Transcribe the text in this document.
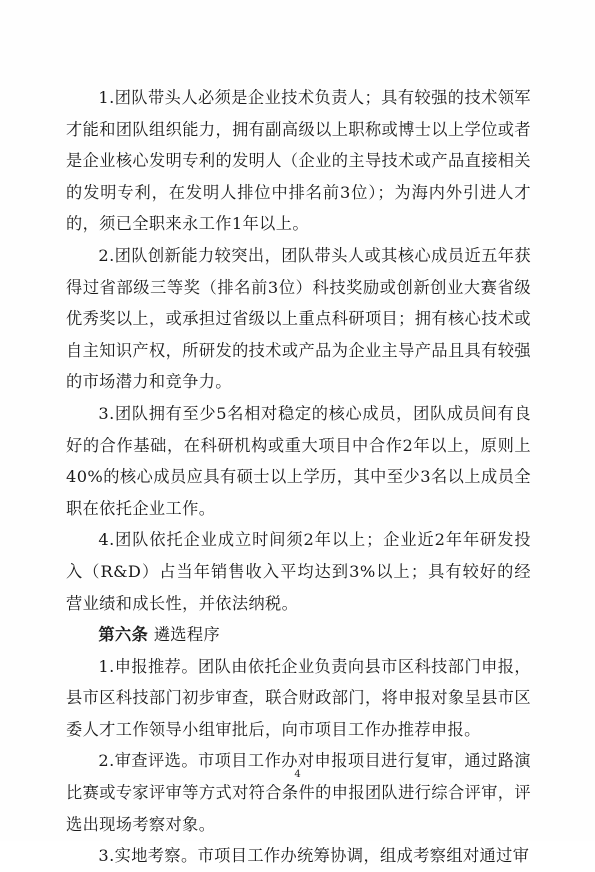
1.团队带头人必须是企业技术负责人；具有较强的技术领军才能和团队组织能力，拥有副高级以上职称或博士以上学位或者是企业核心发明专利的发明人（企业的主导技术或产品直接相关的发明专利，在发明人排位中排名前3位）；为海内外引进人才的，须已全职来永工作1年以上。

2.团队创新能力较突出，团队带头人或其核心成员近五年获得过省部级三等奖（排名前3位）科技奖励或创新创业大赛省级优秀奖以上，或承担过省级以上重点科研项目；拥有核心技术或自主知识产权，所研发的技术或产品为企业主导产品且具有较强的市场潜力和竞争力。

3.团队拥有至少5名相对稳定的核心成员，团队成员间有良好的合作基础，在科研机构或重大项目中合作2年以上，原则上40%的核心成员应具有硕士以上学历，其中至少3名以上成员全职在依托企业工作。

4.团队依托企业成立时间须2年以上；企业近2年年研发投入（R&D）占当年销售收入平均达到3%以上；具有较好的经营业绩和成长性，并依法纳税。

第六条 遴选程序

1.申报推荐。团队由依托企业负责向县市区科技部门申报，县市区科技部门初步审查，联合财政部门，将申报对象呈县市区委人才工作领导小组审批后，向市项目工作办推荐申报。

2.审查评选。市项目工作办对申报项目进行复审，通过路演比赛或专家评审等方式对符合条件的申报团队进行综合评审，评选出现场考察对象。

3.实地考察。市项目工作办统筹协调，组成考察组对通过审

4
